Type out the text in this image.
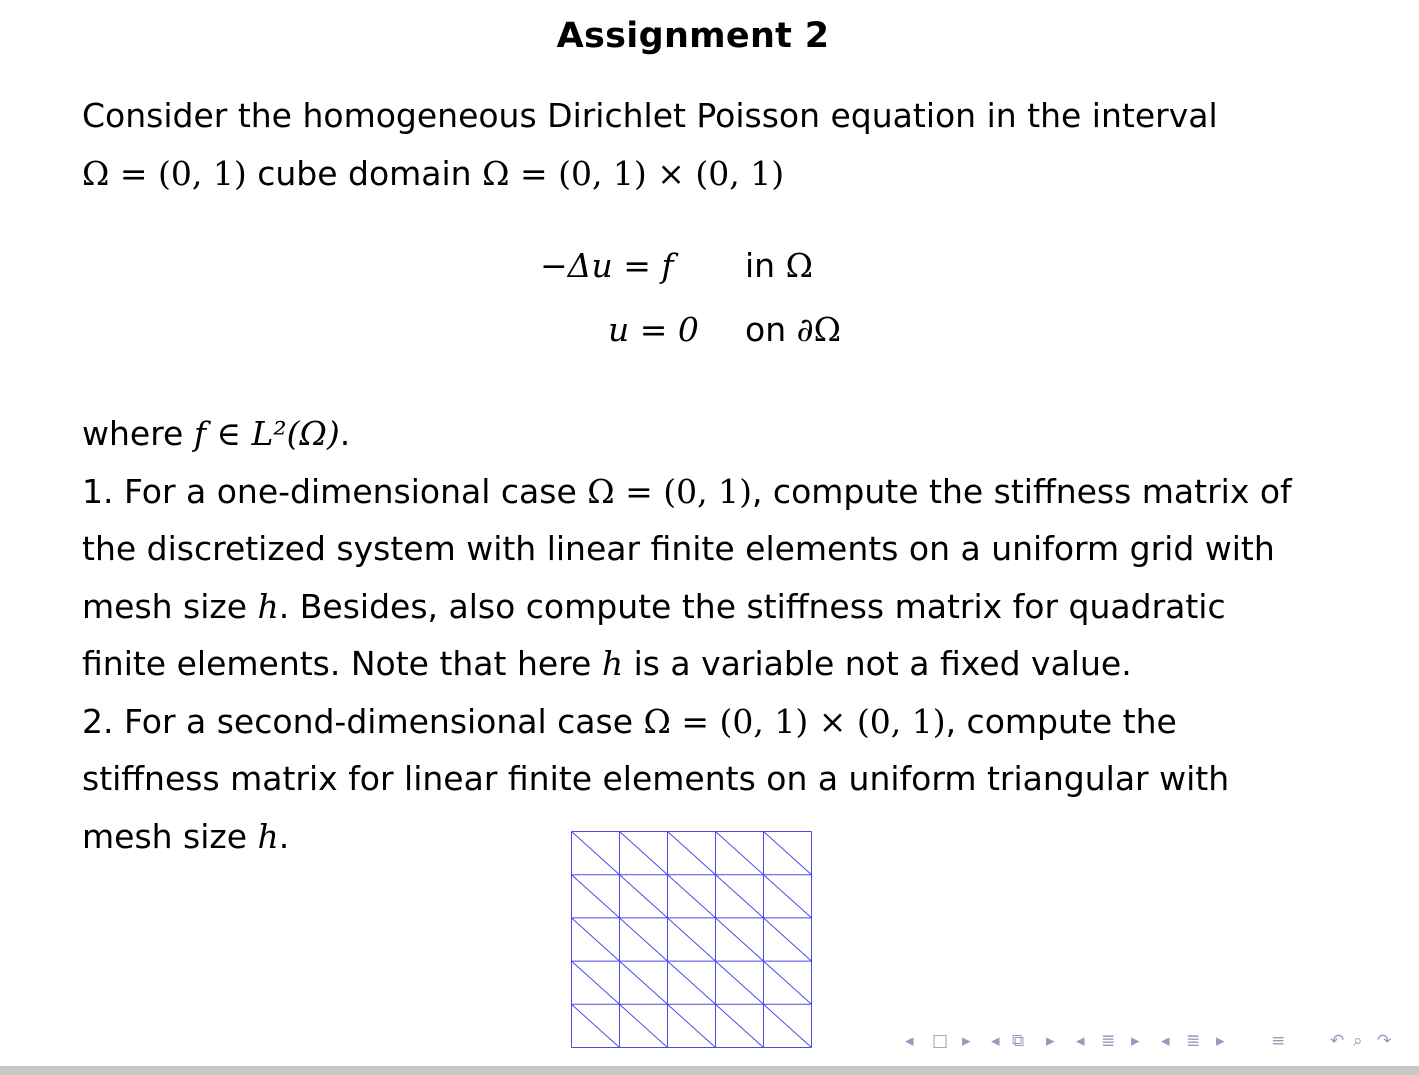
Assignment 2
Consider the homogeneous Dirichlet Poisson equation in the interval
Ω = (0, 1) cube domain Ω = (0, 1) × (0, 1)
−Δu = f in Ω
u = 0 on ∂Ω
where f ∈ L²(Ω).
1. For a one-dimensional case Ω = (0, 1), compute the stiffness matrix of
the discretized system with linear finite elements on a uniform grid with
mesh size h. Besides, also compute the stiffness matrix for quadratic
finite elements. Note that here h is a variable not a fixed value.
2. For a second-dimensional case Ω = (0, 1) × (0, 1), compute the
stiffness matrix for linear finite elements on a uniform triangular with
mesh size h.
◂ □ ▸ ◂ ⧉ ▸ ◂ ≣ ▸ ◂ ≣ ▸	≡	↶ ⌕ ↷
